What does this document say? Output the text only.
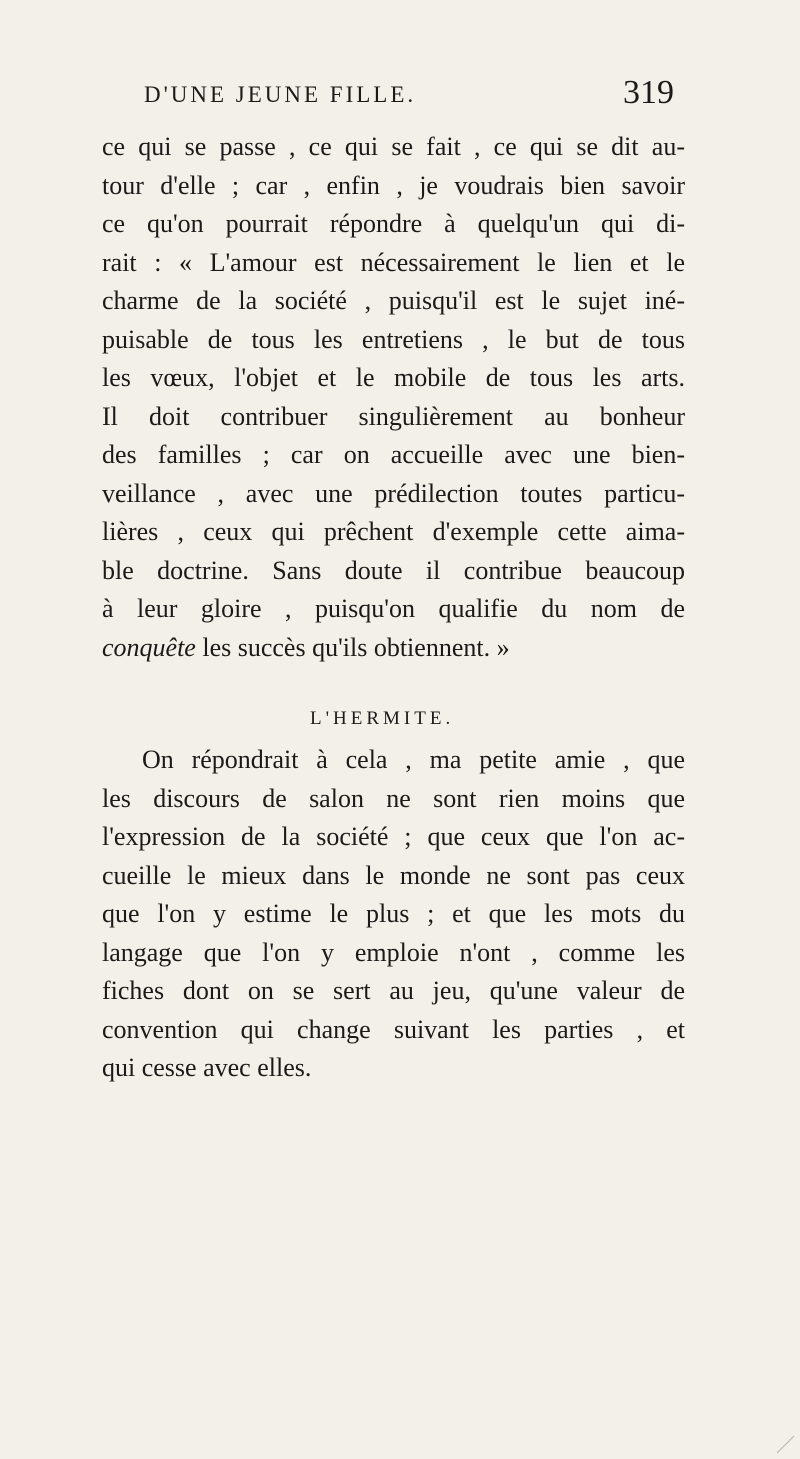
D'UNE JEUNE FILLE.	319
ce qui se passe , ce qui se fait , ce qui se dit au-
tour d'elle ; car , enfin , je voudrais bien savoir
ce qu'on pourrait répondre à quelqu'un qui di-
rait : « L'amour est nécessairement le lien et le
charme de la société , puisqu'il est le sujet iné-
puisable de tous les entretiens , le but de tous
les vœux, l'objet et le mobile de tous les arts.
Il doit contribuer singulièrement au bonheur
des familles ; car on accueille avec une bien-
veillance , avec une prédilection toutes particu-
lières , ceux qui prêchent d'exemple cette aima-
ble doctrine. Sans doute il contribue beaucoup
à leur gloire , puisqu'on qualifie du nom de
conquête les succès qu'ils obtiennent. »
L'HERMITE.
On répondrait à cela , ma petite amie , que
les discours de salon ne sont rien moins que
l'expression de la société ; que ceux que l'on ac-
cueille le mieux dans le monde ne sont pas ceux
que l'on y estime le plus ; et que les mots du
langage que l'on y emploie n'ont , comme les
fiches dont on se sert au jeu, qu'une valeur de
convention qui change suivant les parties , et
qui cesse avec elles.
